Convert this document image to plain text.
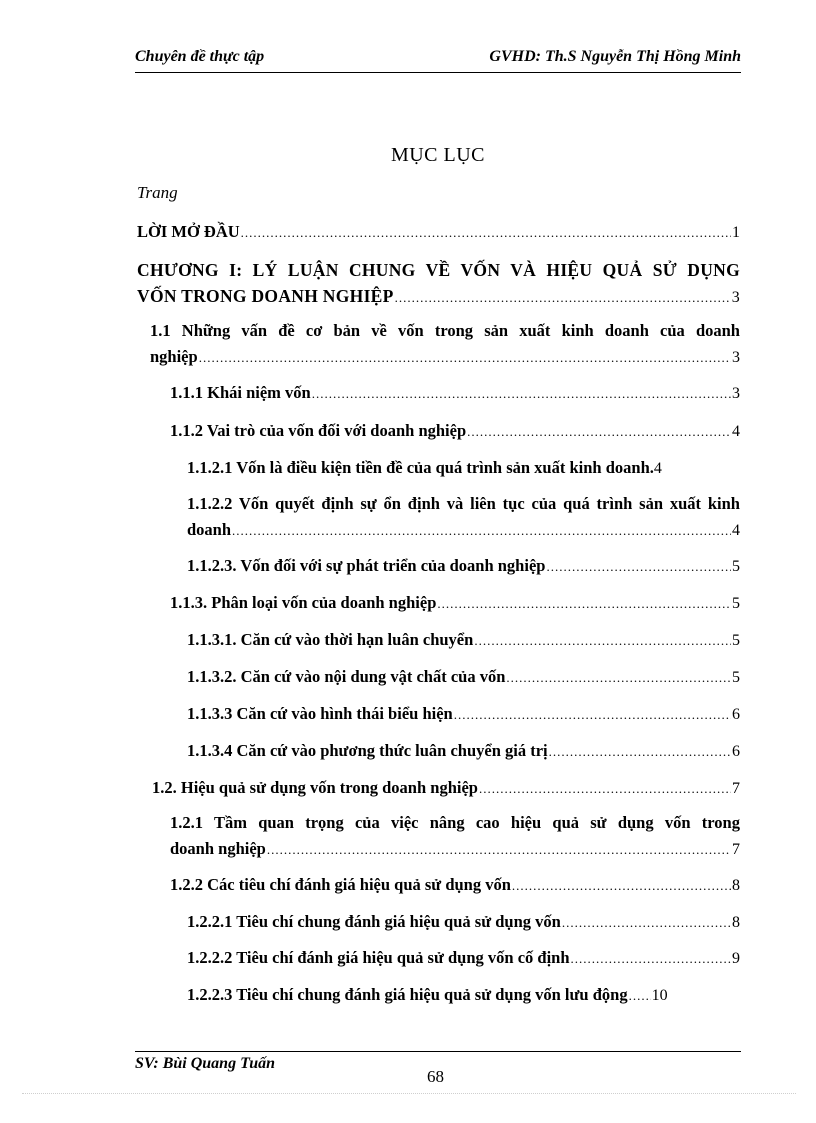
Chuyên đề thực tập	GVHD: Th.S Nguyễn Thị Hồng Minh
MỤC LỤC
Trang
LỜI MỞ ĐẦU .....	1
CHƯƠNG I: LÝ LUẬN CHUNG VỀ VỐN VÀ HIỆU QUẢ SỬ DỤNG
VỐN TRONG DOANH NGHIỆP .....	3
1.1 Những vấn đề cơ bản về vốn trong sản xuất kinh doanh của doanh
nghiệp .....	3
1.1.1 Khái niệm vốn .....	3
1.1.2 Vai trò của vốn đối với doanh nghiệp .....	4
1.1.2.1 Vốn là điều kiện tiền đề của quá trình sản xuất kinh doanh. 4
1.1.2.2 Vốn quyết định sự ổn định và liên tục của quá trình sản xuất kinh
doanh .....	4
1.1.2.3. Vốn đối với sự phát triển của doanh nghiệp .....	5
1.1.3. Phân loại vốn của doanh nghiệp .....	5
1.1.3.1. Căn cứ vào thời hạn luân chuyển .....	5
1.1.3.2. Căn cứ vào nội dung vật chất của vốn .....	5
1.1.3.3 Căn cứ vào hình thái biểu hiện .....	6
1.1.3.4 Căn cứ vào phương thức luân chuyển giá trị .....	6
1.2. Hiệu quả sử dụng vốn trong doanh nghiệp .....	7
1.2.1 Tầm quan trọng của việc nâng cao hiệu quả sử dụng vốn trong
doanh nghiệp .....	7
1.2.2 Các tiêu chí đánh giá hiệu quả sử dụng vốn .....	8
1.2.2.1 Tiêu chí chung đánh giá hiệu quả sử dụng vốn .....	8
1.2.2.2 Tiêu chí đánh giá hiệu quả sử dụng vốn cố định .....	9
1.2.2.3 Tiêu chí chung đánh giá hiệu quả sử dụng vốn lưu động ..... 10
SV: Bùi Quang Tuấn
68
